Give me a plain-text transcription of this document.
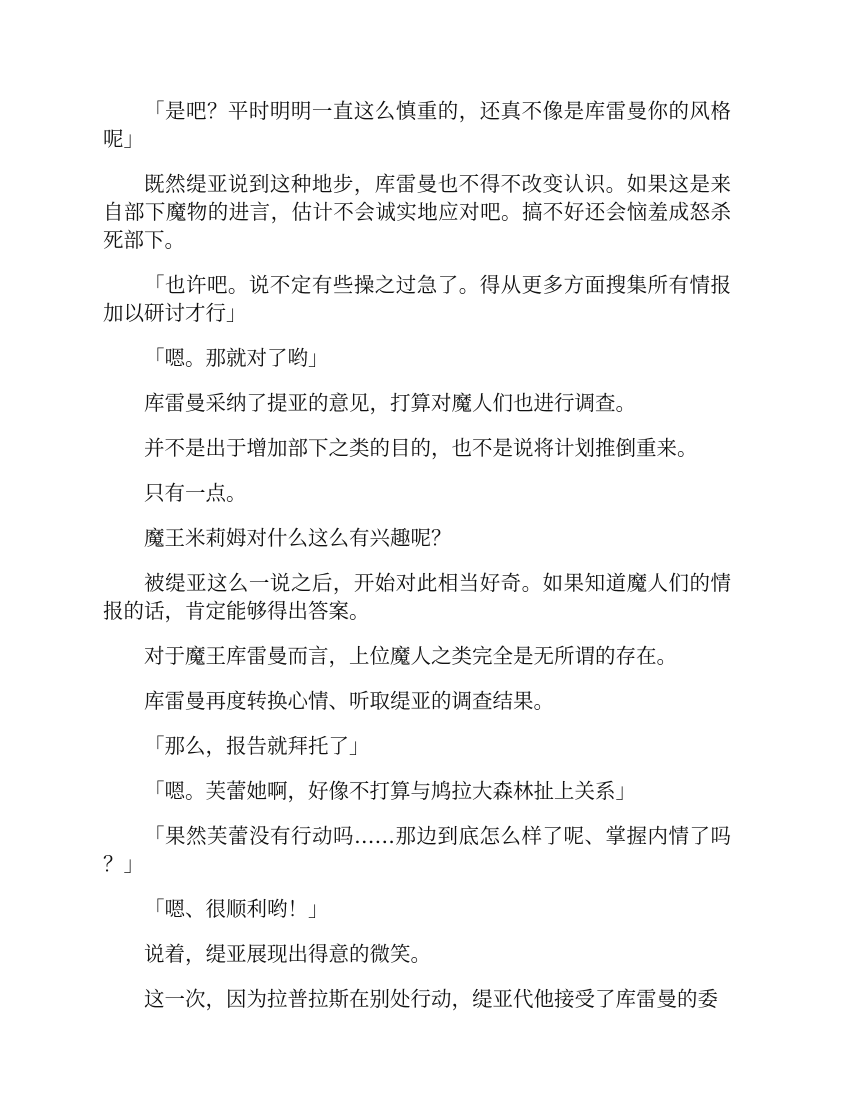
「是吧？平时明明一直这么慎重的，还真不像是库雷曼你的风格呢」

既然缇亚说到这种地步，库雷曼也不得不改变认识。如果这是来自部下魔物的进言，估计不会诚实地应对吧。搞不好还会恼羞成怒杀死部下。

「也许吧。说不定有些操之过急了。得从更多方面搜集所有情报加以研讨才行」

「嗯。那就对了哟」

库雷曼采纳了提亚的意见，打算对魔人们也进行调查。

并不是出于增加部下之类的目的，也不是说将计划推倒重来。

只有一点。

魔王米莉姆对什么这么有兴趣呢？

被缇亚这么一说之后，开始对此相当好奇。如果知道魔人们的情报的话，肯定能够得出答案。

对于魔王库雷曼而言，上位魔人之类完全是无所谓的存在。

库雷曼再度转换心情、听取缇亚的调查结果。

「那么，报告就拜托了」

「嗯。芙蕾她啊，好像不打算与鸠拉大森林扯上关系」

「果然芙蕾没有行动吗……那边到底怎么样了呢、掌握内情了吗？」

「嗯、很顺利哟！」

说着，缇亚展现出得意的微笑。

这一次，因为拉普拉斯在别处行动，缇亚代他接受了库雷曼的委
